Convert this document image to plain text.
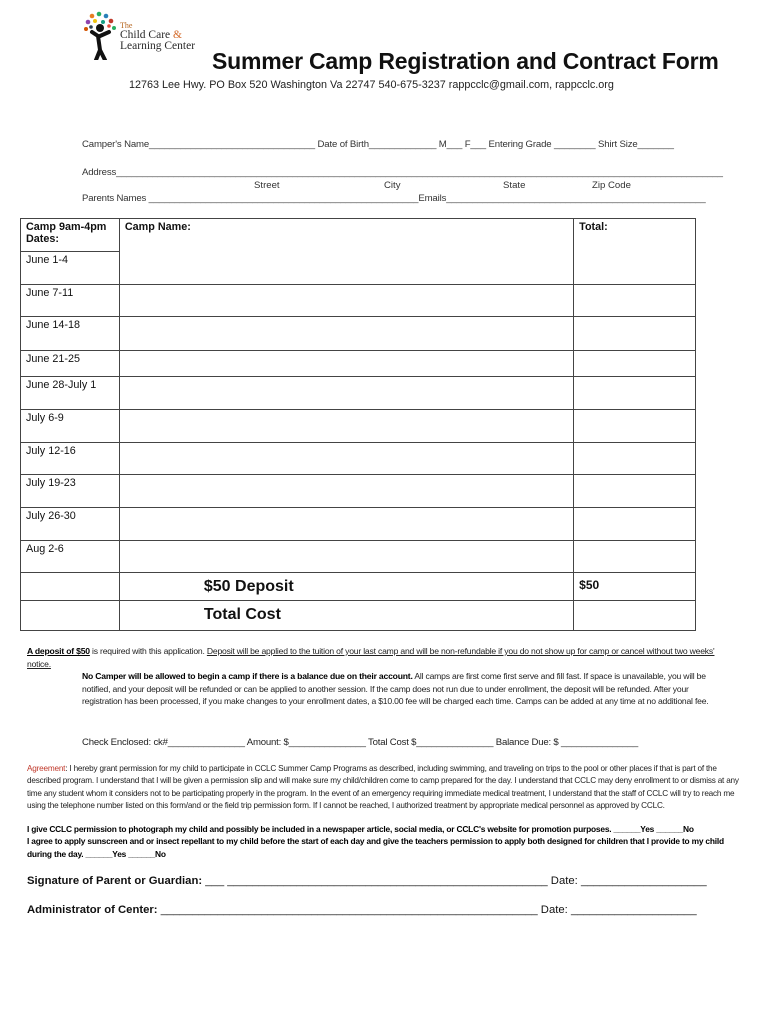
The
Child Care &
Learning Center
Summer Camp Registration and Contract Form
12763 Lee Hwy. PO Box 520 Washington Va 22747 540-675-3237 rappcclc@gmail.com, rappcclc.org
Camper's Name________________________________ Date of Birth_____________ M___ F___ Entering Grade ________ Shirt Size_______
Address_____________________________________________________________________________________________________________________
Street	City	State	Zip Code
Parents Names ____________________________________________________Emails__________________________________________________
Camp 9am-4pm
Dates:	Camp Name:	Total:
June 1-4		
June 7-11		
June 14-18		
June 21-25		
June 28-July 1		
July 6-9		
July 12-16		
July 19-23		
July 26-30		
Aug 2-6		
	$50 Deposit	$50
	Total Cost	
A deposit of $50 is required with this application. Deposit will be applied to the tuition of your last camp and will be non-refundable if you do not show up for camp or cancel without two weeks' notice.
No Camper will be allowed to begin a camp if there is a balance due on their account. All camps are first come first serve and fill fast. If space is unavailable, you will be notified, and your deposit will be refunded or can be applied to another session. If the camp does not run due to under enrollment, the deposit will be refunded. After your registration has been processed, if you make changes to your enrollment dates, a $10.00 fee will be charged each time. Camps can be added at any time at no additional fee.
Check Enclosed: ck#_______________ Amount: $_______________ Total Cost $_______________ Balance Due: $ _______________
Agreement: I hereby grant permission for my child to participate in CCLC Summer Camp Programs as described, including swimming, and traveling on trips to the pool or other places if that is part of the described program. I understand that I will be given a permission slip and will make sure my child/children come to camp prepared for the day. I understand that CCLC may deny enrollment to or dismiss at any time any student whom it considers not to be participating properly in the program. In the event of an emergency requiring immediate medical treatment, I understand that the staff of CCLC will try to reach me using the telephone number listed on this form/and or the field trip permission form. If I cannot be reached, I authorized treatment by appropriate medical personnel as approved by CCLC.
I give CCLC permission to photograph my child and possibly be included in a newspaper article, social media, or CCLC's website for promotion purposes. ______Yes ______No
I agree to apply sunscreen and or insect repellant to my child before the start of each day and give the teachers permission to apply both designed for children that I provide to my child during the day. ______Yes ______No
Signature of Parent or Guardian: ___ ___________________________________________________ Date: ____________________
Administrator of Center: ____________________________________________________________ Date: ____________________
